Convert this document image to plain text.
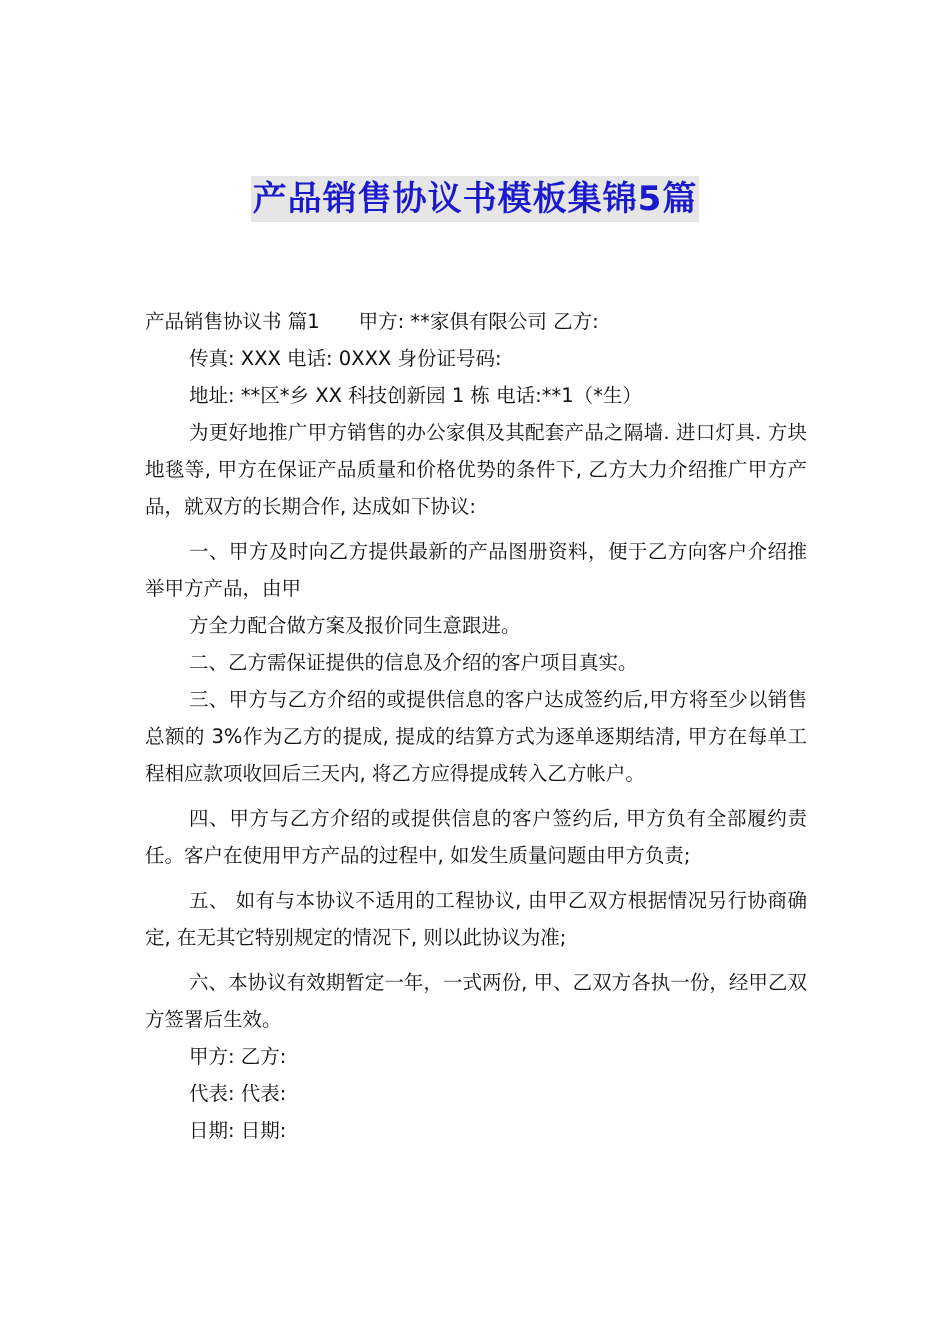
产品销售协议书模板集锦5篇

产品销售协议书 篇1　　甲方: **家俱有限公司 乙方:

传真: XXX 电话: 0XXX 身份证号码:

地址: **区*乡 XX 科技创新园 1 栋 电话:**1（*生）

为更好地推广甲方销售的办公家俱及其配套产品之隔墙. 进口灯具. 方块地毯等, 甲方在保证产品质量和价格优势的条件下, 乙方大力介绍推广甲方产品，就双方的长期合作, 达成如下协议:

一、甲方及时向乙方提供最新的产品图册资料，便于乙方向客户介绍推举甲方产品，由甲

方全力配合做方案及报价同生意跟进。

二、乙方需保证提供的信息及介绍的客户项目真实。

三、甲方与乙方介绍的或提供信息的客户达成签约后,甲方将至少以销售总额的 3%作为乙方的提成, 提成的结算方式为逐单逐期结清, 甲方在每单工程相应款项收回后三天内, 将乙方应得提成转入乙方帐户。

四、甲方与乙方介绍的或提供信息的客户签约后, 甲方负有全部履约责任。客户在使用甲方产品的过程中, 如发生质量问题由甲方负责;

五、 如有与本协议不适用的工程协议, 由甲乙双方根据情况另行协商确定, 在无其它特别规定的情况下, 则以此协议为准;

六、本协议有效期暂定一年，一式两份, 甲、乙双方各执一份，经甲乙双方签署后生效。

甲方: 乙方:

代表: 代表:

日期: 日期:
